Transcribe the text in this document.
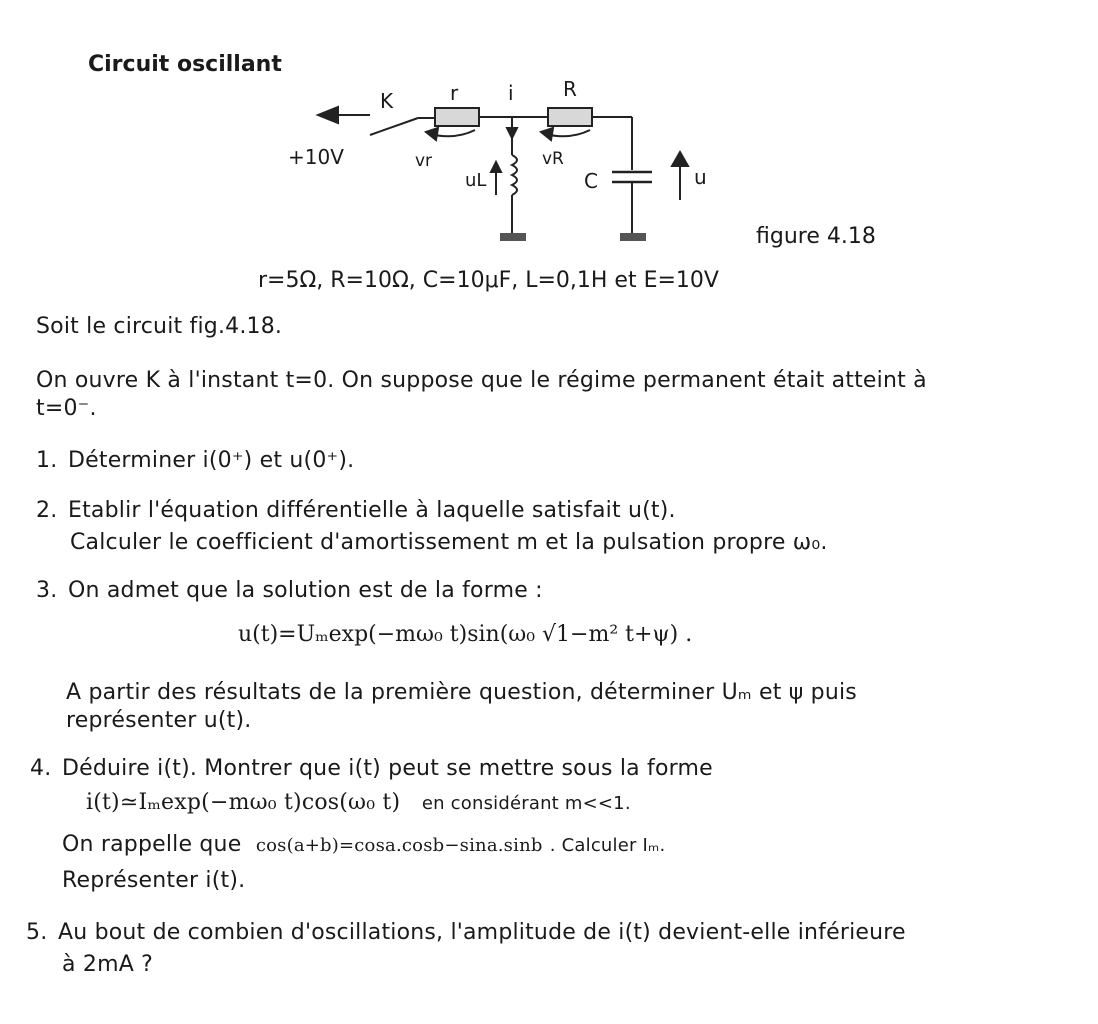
Circuit oscillant
K	r i R
+10V	vr	vR
uL	C	u
figure 4.18
r=5Ω, R=10Ω, C=10μF, L=0,1H et E=10V
Soit le circuit fig.4.18.
On ouvre K à l'instant t=0. On suppose que le régime permanent était atteint à
t=0⁻.
1. Déterminer i(0⁺) et u(0⁺).
2. Etablir l'équation différentielle à laquelle satisfait u(t).
Calculer le coefficient d'amortissement m et la pulsation propre ω₀.
3. On admet que la solution est de la forme :
u(t)=Uₘexp(−mω₀ t)sin(ω₀ √1−m² t+ψ) .
A partir des résultats de la première question, déterminer Uₘ et ψ puis
représenter u(t).
4. Déduire i(t). Montrer que i(t) peut se mettre sous la forme
i(t)≃Iₘexp(−mω₀ t)cos(ω₀ t) en considérant m<<1.
On rappelle que cos(a+b)=cosa.cosb−sina.sinb . Calculer Iₘ.
Représenter i(t).
5. Au bout de combien d'oscillations, l'amplitude de i(t) devient-elle inférieure
à 2mA ?
